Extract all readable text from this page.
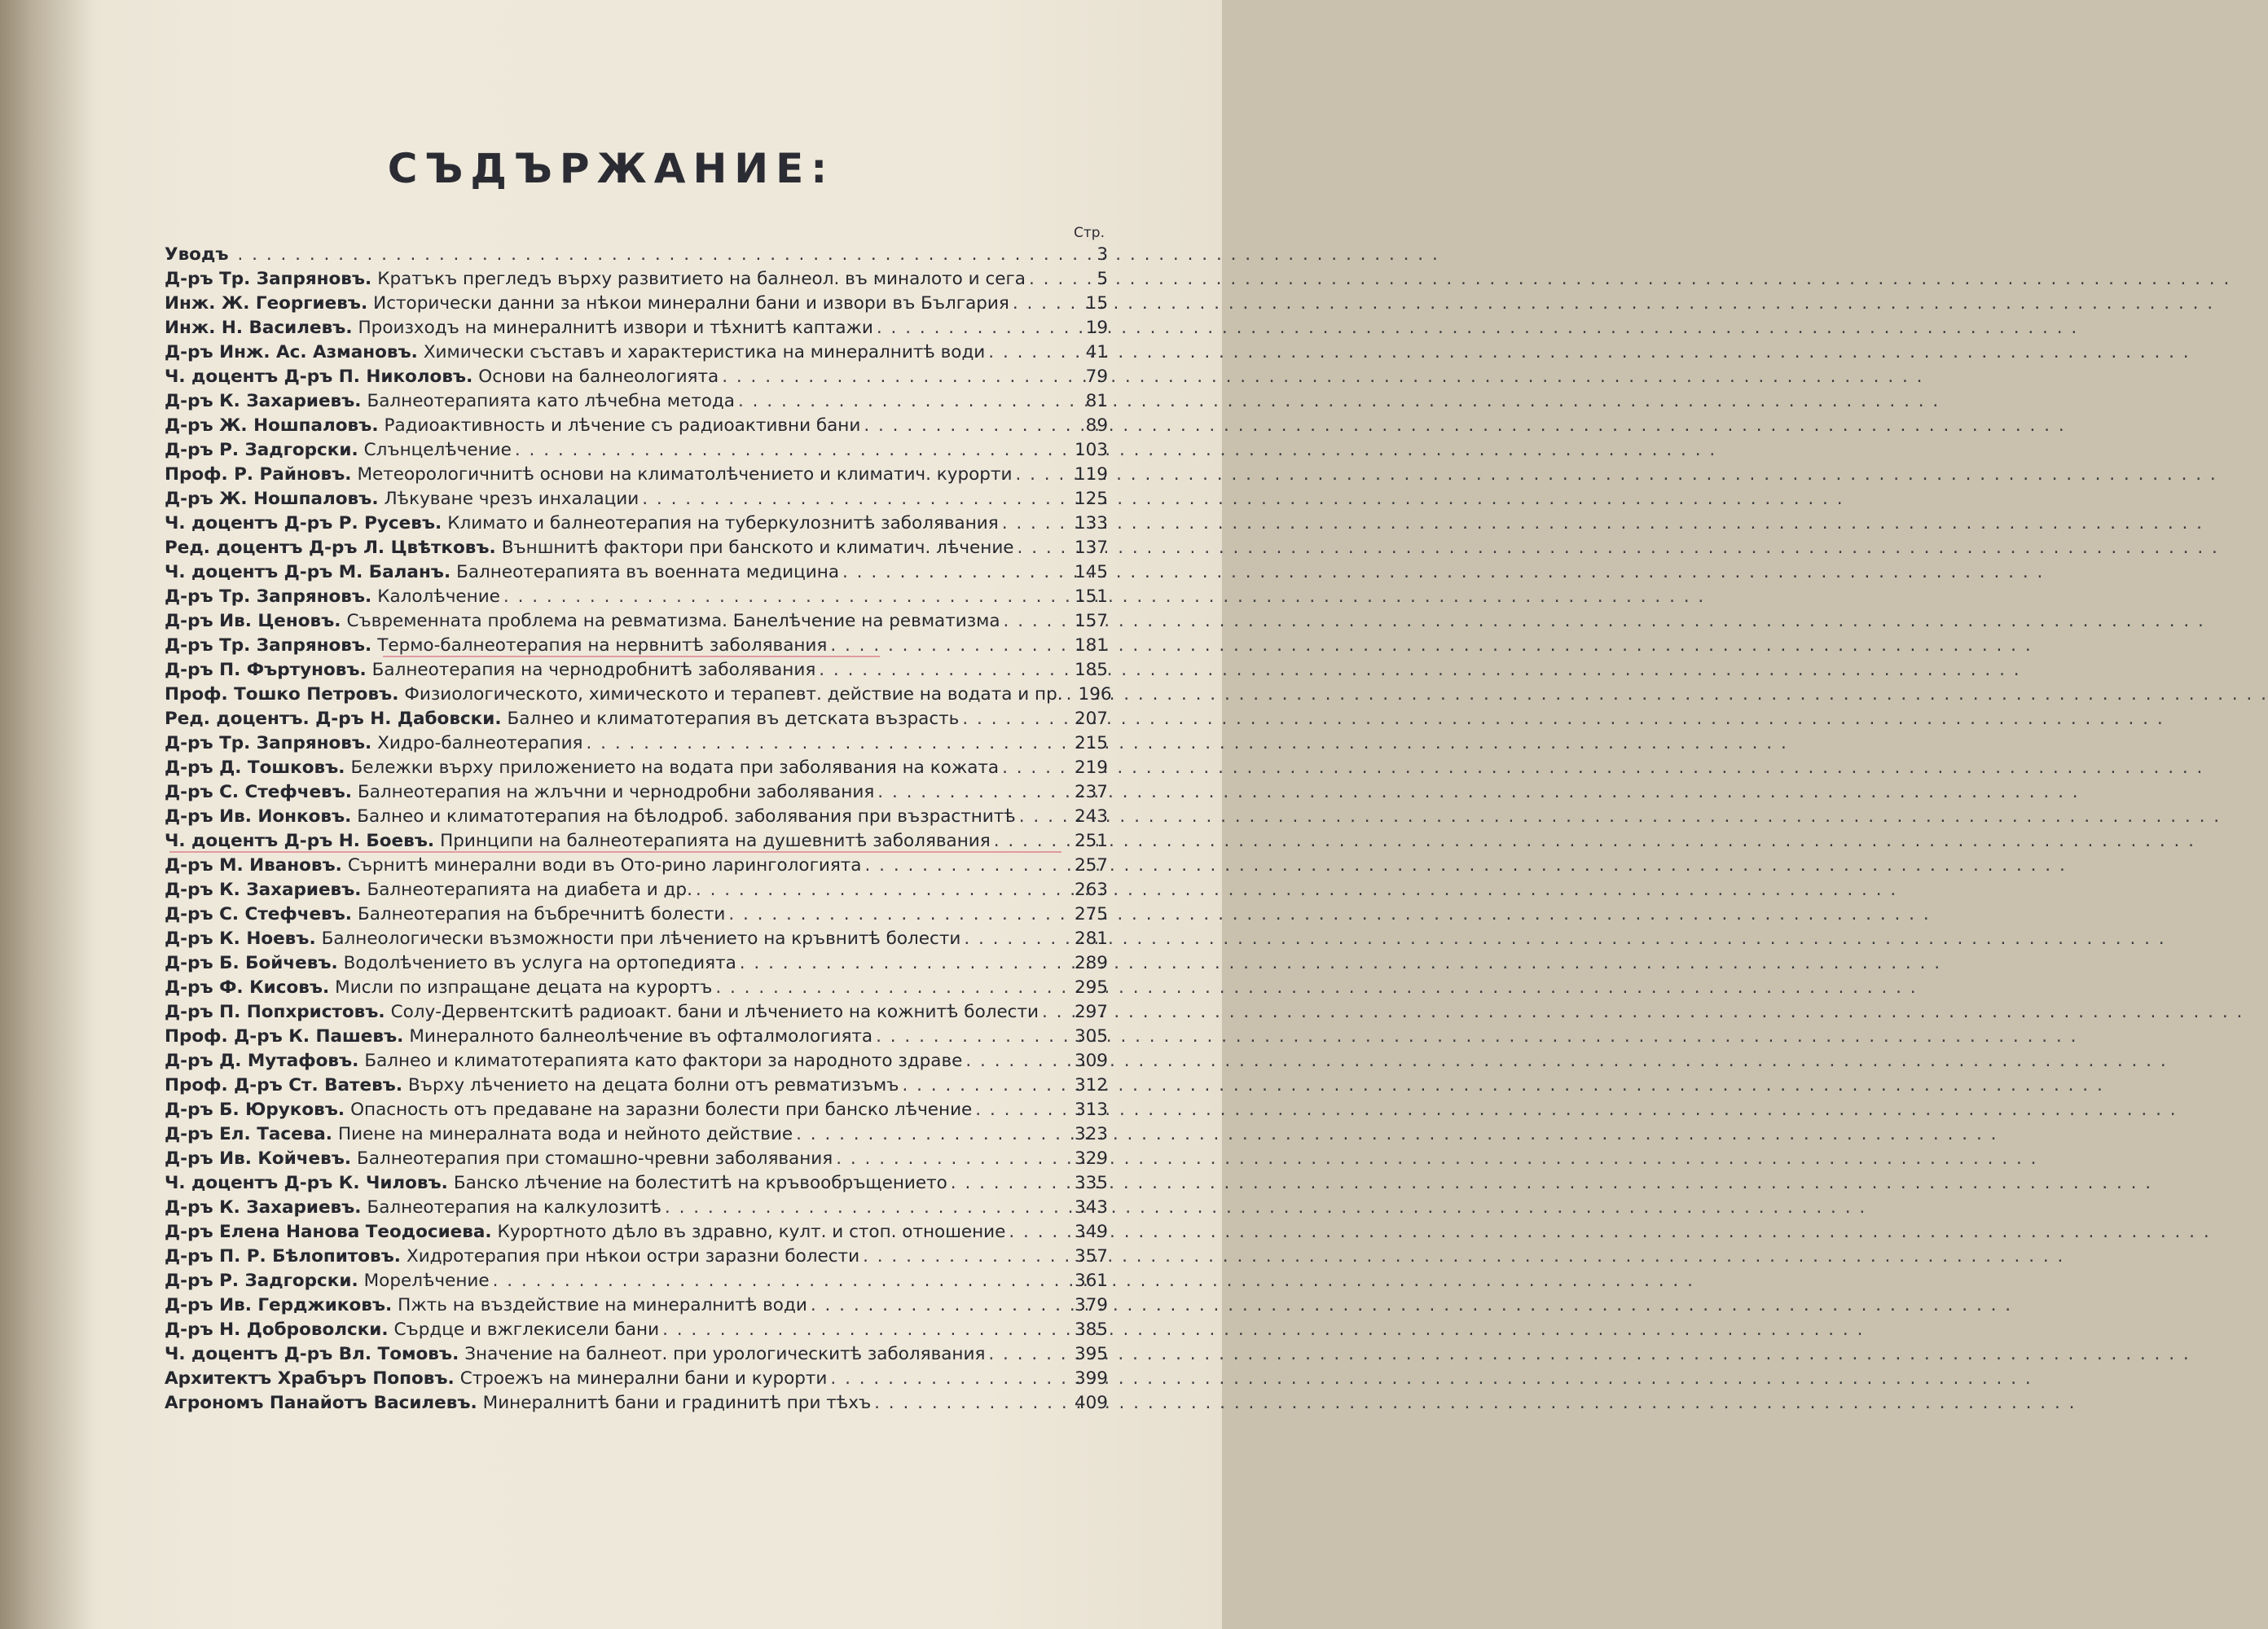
СЪДЪРЖАНИЕ:
Стр.
Уводъ . . .	3
Д-ръ Тр. Запряновъ. Кратъкъ прегледъ върху развитието на балнеол. въ миналото и сега . . .	5
Инж. Ж. Георгиевъ. Исторически данни за нѣкои минерални бани и извори въ България . . .	15
Инж. Н. Василевъ. Произходъ на минералнитѣ извори и тѣхнитѣ каптажи . . .	19
Д-ръ Инж. Ас. Азмановъ. Химически съставъ и характеристика на минералнитѣ води . . .	41
Ч. доцентъ Д-ръ П. Николовъ. Основи на балнеологията . . .	79
Д-ръ К. Захариевъ. Балнеотерапията като лѣчебна метода . . .	81
Д-ръ Ж. Ношпаловъ. Радиоактивность и лѣчение съ радиоактивни бани . . .	89
Д-ръ Р. Задгорски. Слънцелѣчение . . .	103
Проф. Р. Райновъ. Метеорологичнитѣ основи на климатолѣчението и климатич. курорти . . .	119
Д-ръ Ж. Ношпаловъ. Лѣкуване чрезъ инхалации . . .	125
Ч. доцентъ Д-ръ Р. Русевъ. Климато и балнеотерапия на туберкулознитѣ заболявания . . .	133
Ред. доцентъ Д-ръ Л. Цвѣтковъ. Външнитѣ фактори при банското и климатич. лѣчение . . .	137
Ч. доцентъ Д-ръ М. Баланъ. Балнеотерапията въ военната медицина . . .	145
Д-ръ Тр. Запряновъ. Калолѣчение . . .	151
Д-ръ Ив. Ценовъ. Съвременната проблема на ревматизма. Банелѣчение на ревматизма . . .	157
Д-ръ Тр. Запряновъ. Термо-балнеотерапия на нервнитѣ заболявания . . .	181
Д-ръ П. Фъртуновъ. Балнеотерапия на чернодробнитѣ заболявания . . .	185
Проф. Тошко Петровъ. Физиологическото, химическото и терапевт. действие на водата и пр. . . . 196
Ред. доцентъ. Д-ръ Н. Дабовски. Балнео и климатотерапия въ детската възрасть . . .	207
Д-ръ Тр. Запряновъ. Хидро-балнеотерапия . . .	215
Д-ръ Д. Тошковъ. Бележки върху приложението на водата при заболявания на кожата . . .	219
Д-ръ С. Стефчевъ. Балнеотерапия на жлъчни и чернодробни заболявания . . .	237
Д-ръ Ив. Ионковъ. Балнео и климатотерапия на бѣлодроб. заболявания при възрастнитѣ . . .	243
Ч. доцентъ Д-ръ Н. Боевъ. Принципи на балнеотерапията на душевнитѣ заболявания . . .	251
Д-ръ М. Ивановъ. Сърнитѣ минерални води въ Ото-рино ларингологията . . .	257
Д-ръ К. Захариевъ. Балнеотерапията на диабета и др. . . .	263
Д-ръ С. Стефчевъ. Балнеотерапия на бъбречнитѣ болести . . .	275
Д-ръ К. Ноевъ. Балнеологически възможности при лѣчението на кръвнитѣ болести . . .	281
Д-ръ Б. Бойчевъ. Водолѣчението въ услуга на ортопедията . . .	289
Д-ръ Ф. Кисовъ. Мисли по изпращане децата на курортъ . . .	295
Д-ръ П. Попхристовъ. Солу-Дервентскитѣ радиоакт. бани и лѣчението на кожнитѣ болести . . . 297
Проф. Д-ръ К. Пашевъ. Минералното балнеолѣчение въ офталмологията . . .	305
Д-ръ Д. Мутафовъ. Балнео и климатотерапията като фактори за народното здраве . . .	309
Проф. Д-ръ Ст. Ватевъ. Върху лѣчението на децата болни отъ ревматизъмъ . . .	312
Д-ръ Б. Юруковъ. Опасность отъ предаване на заразни болести при банско лѣчение . . .	313
Д-ръ Ел. Тасева. Пиене на минералната вода и нейното действие . . .	323
Д-ръ Ив. Койчевъ. Балнеотерапия при стомашно-чревни заболявания . . .	329
Ч. доцентъ Д-ръ К. Чиловъ. Банско лѣчение на болеститѣ на кръвообръщението . . .	335
Д-ръ К. Захариевъ. Балнеотерапия на калкулозитѣ . . .	343
Д-ръ Елена Нанова Теодосиева. Курортното дѣло въ здравно, култ. и стоп. отношение . . .	349
Д-ръ П. Р. Бѣлопитовъ. Хидротерапия при нѣкои остри заразни болести . . .	357
Д-ръ Р. Задгорски. Морелѣчение . . .	361
Д-ръ Ив. Герджиковъ. Пжть на въздействие на минералнитѣ води . . .	379
Д-ръ Н. Доброволски. Сърдце и вжглекисели бани . . .	385
Ч. доцентъ Д-ръ Вл. Томовъ. Значение на балнеот. при урологическитѣ заболявания . . .	395
Архитектъ Храбъръ Поповъ. Строежъ на минерални бани и курорти . . .	399
Агрономъ Панайотъ Василевъ. Минералнитѣ бани и градинитѣ при тѣхъ . . .	409
